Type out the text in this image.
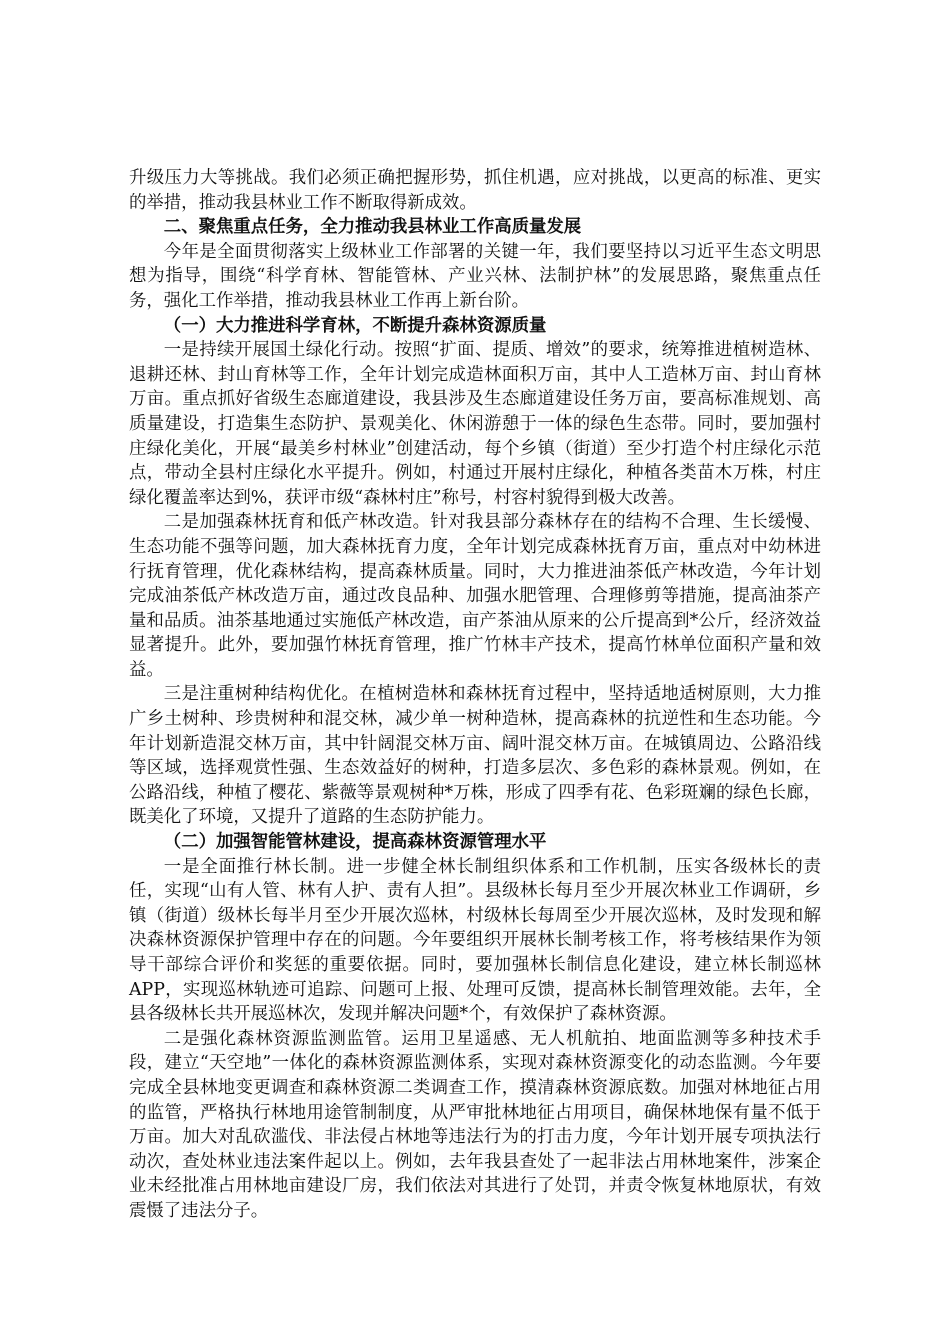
升级压力大等挑战。我们必须正确把握形势，抓住机遇，应对挑战，以更高的标准、更实的举措，推动我县林业工作不断取得新成效。

二、聚焦重点任务，全力推动我县林业工作高质量发展

今年是全面贯彻落实上级林业工作部署的关键一年，我们要坚持以习近平生态文明思想为指导，围绕“科学育林、智能管林、产业兴林、法制护林”的发展思路，聚焦重点任务，强化工作举措，推动我县林业工作再上新台阶。

（一）大力推进科学育林，不断提升森林资源质量

一是持续开展国土绿化行动。按照“扩面、提质、增效”的要求，统筹推进植树造林、退耕还林、封山育林等工作，全年计划完成造林面积万亩，其中人工造林万亩、封山育林万亩。重点抓好省级生态廊道建设，我县涉及生态廊道建设任务万亩，要高标准规划、高质量建设，打造集生态防护、景观美化、休闲游憩于一体的绿色生态带。同时，要加强村庄绿化美化，开展“最美乡村林业”创建活动，每个乡镇（街道）至少打造个村庄绿化示范点，带动全县村庄绿化水平提升。例如，村通过开展村庄绿化，种植各类苗木万株，村庄绿化覆盖率达到%，获评市级“森林村庄”称号，村容村貌得到极大改善。

二是加强森林抚育和低产林改造。针对我县部分森林存在的结构不合理、生长缓慢、生态功能不强等问题，加大森林抚育力度，全年计划完成森林抚育万亩，重点对中幼林进行抚育管理，优化森林结构，提高森林质量。同时，大力推进油茶低产林改造，今年计划完成油茶低产林改造万亩，通过改良品种、加强水肥管理、合理修剪等措施，提高油茶产量和品质。油茶基地通过实施低产林改造，亩产茶油从原来的公斤提高到*公斤，经济效益显著提升。此外，要加强竹林抚育管理，推广竹林丰产技术，提高竹林单位面积产量和效益。

三是注重树种结构优化。在植树造林和森林抚育过程中，坚持适地适树原则，大力推广乡土树种、珍贵树种和混交林，减少单一树种造林，提高森林的抗逆性和生态功能。今年计划新造混交林万亩，其中针阔混交林万亩、阔叶混交林万亩。在城镇周边、公路沿线等区域，选择观赏性强、生态效益好的树种，打造多层次、多色彩的森林景观。例如，在公路沿线，种植了樱花、紫薇等景观树种*万株，形成了四季有花、色彩斑斓的绿色长廊，既美化了环境，又提升了道路的生态防护能力。

（二）加强智能管林建设，提高森林资源管理水平

一是全面推行林长制。进一步健全林长制组织体系和工作机制，压实各级林长的责任，实现“山有人管、林有人护、责有人担”。县级林长每月至少开展次林业工作调研，乡镇（街道）级林长每半月至少开展次巡林，村级林长每周至少开展次巡林，及时发现和解决森林资源保护管理中存在的问题。今年要组织开展林长制考核工作，将考核结果作为领导干部综合评价和奖惩的重要依据。同时，要加强林长制信息化建设，建立林长制巡林APP，实现巡林轨迹可追踪、问题可上报、处理可反馈，提高林长制管理效能。去年，全县各级林长共开展巡林次，发现并解决问题*个，有效保护了森林资源。

二是强化森林资源监测监管。运用卫星遥感、无人机航拍、地面监测等多种技术手段，建立“天空地”一体化的森林资源监测体系，实现对森林资源变化的动态监测。今年要完成全县林地变更调查和森林资源二类调查工作，摸清森林资源底数。加强对林地征占用的监管，严格执行林地用途管制制度，从严审批林地征占用项目，确保林地保有量不低于万亩。加大对乱砍滥伐、非法侵占林地等违法行为的打击力度，今年计划开展专项执法行动次，查处林业违法案件起以上。例如，去年我县查处了一起非法占用林地案件，涉案企业未经批准占用林地亩建设厂房，我们依法对其进行了处罚，并责令恢复林地原状，有效震慑了违法分子。
